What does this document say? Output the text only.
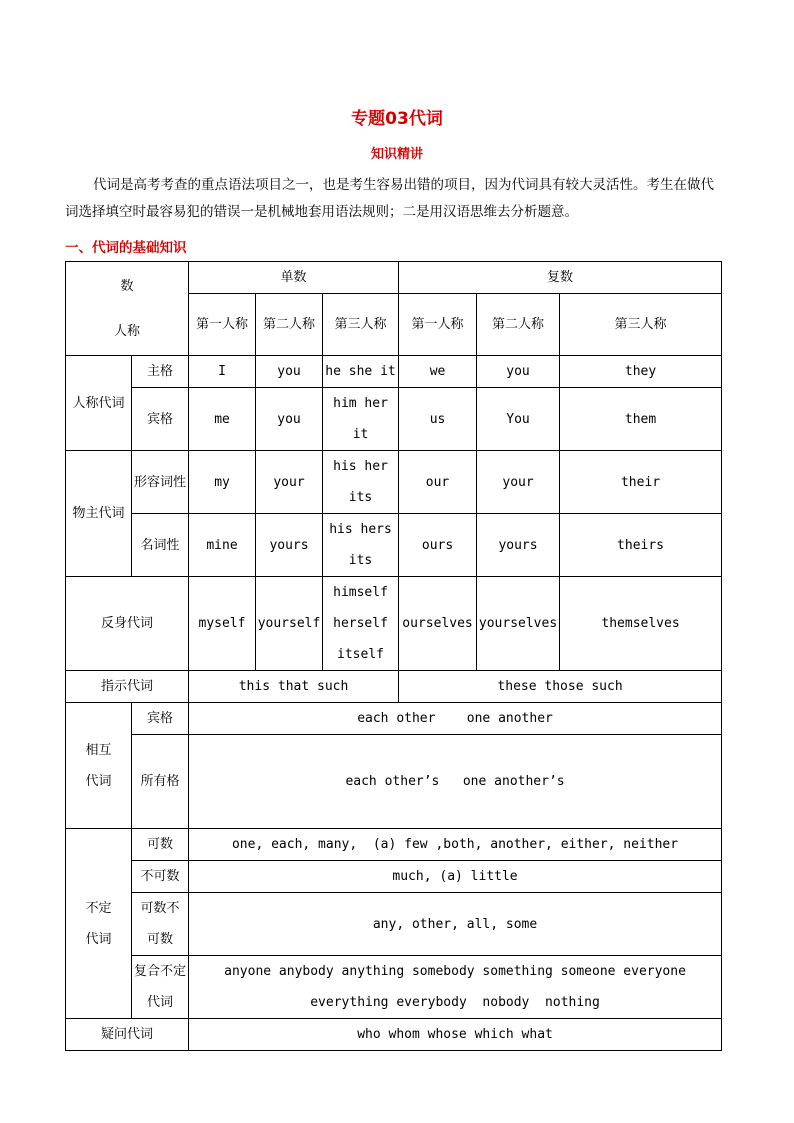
专题03代词
知识精讲

代词是高考考查的重点语法项目之一，也是考生容易出错的项目，因为代词具有较大灵活性。考生在做代词选择填空时最容易犯的错误一是机械地套用语法规则；二是用汉语思维去分析题意。

一、代词的基础知识
数
人称		单数			复数		
		第一人称	第二人称	第三人称	第一人称	第二人称	第三人称
人称代词	主格	I	you	he she it	we	you	they
	宾格	me	you	him her it	us	You	them
物主代词	形容词性	my	your	his her its	our	your	their
	名词性	mine	yours	his hers its	ours	yours	theirs
反身代词		myself	yourself	himself herself itself	ourselves	yourselves	themselves
指示代词		this that such			these those such		
相互代词	宾格	each other    one another					
	所有格	each other’s   one another’s					
不定代词	可数	one, each, many,  (a) few ,both, another, either, neither					
	不可数	much, (a) little					
	可数不可数	any, other, all, some					
	复合不定代词	anyone anybody anything somebody something someone everyone everything everybody  nobody  nothing					
疑问代词		who whom whose which what					
